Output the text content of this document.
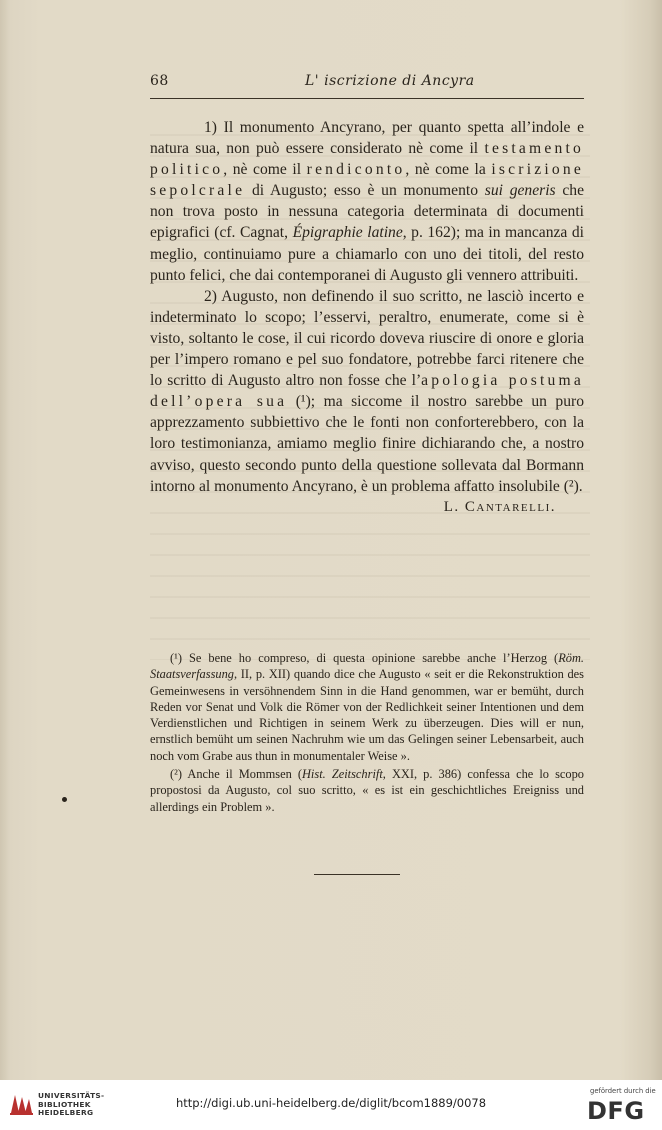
68	L' iscrizione di Ancyra

1) Il monumento Ancyrano, per quanto spetta all’indole e natura sua, non può essere considerato nè come il testamento politico, nè come il rendiconto, nè come la iscrizione sepolcrale di Augusto; esso è un monumento sui generis che non trova posto in nessuna categoria determinata di documenti epigrafici (cf. Cagnat, Épigraphie latine, p. 162); ma in mancanza di meglio, continuiamo pure a chiamarlo con uno dei titoli, del resto punto felici, che dai contemporanei di Augusto gli vennero attribuiti.

2) Augusto, non definendo il suo scritto, ne lasciò incerto e indeterminato lo scopo; l’esservi, peraltro, enumerate, come si è visto, soltanto le cose, il cui ricordo doveva riuscire di onore e gloria per l’impero romano e pel suo fondatore, potrebbe farci ritenere che lo scritto di Augusto altro non fosse che l’apologia postuma dell’opera sua (¹); ma siccome il nostro sarebbe un puro apprezzamento subbiettivo che le fonti non conforterebbero, con la loro testimonianza, amiamo meglio finire dichiarando che, a nostro avviso, questo secondo punto della questione sollevata dal Bormann intorno al monumento Ancyrano, è un problema affatto insolubile (²).

L. Cantarelli.

(¹) Se bene ho compreso, di questa opinione sarebbe anche l’Herzog (Röm. Staatsverfassung, II, p. XII) quando dice che Augusto « seit er die Rekonstruktion des Gemeinwesens in versöhnendem Sinn in die Hand genommen, war er bemüht, durch Reden vor Senat und Volk die Römer von der Redlichkeit seiner Intentionen und dem Verdienstlichen und Richtigen in seinem Werk zu überzeugen. Dies will er nun, ernstlich bemüht um seinen Nachruhm wie um das Gelingen seiner Lebensarbeit, auch noch vom Grabe aus thun in monumentaler Weise ».

(²) Anche il Mommsen (Hist. Zeitschrift, XXI, p. 386) confessa che lo scopo propostosi da Augusto, col suo scritto, « es ist ein geschichtliches Ereigniss und allerdings ein Problem ».

UNIVERSITÄTS-
BIBLIOTHEK
HEIDELBERG
http://digi.ub.uni-heidelberg.de/diglit/bcom1889/0078
gefördert durch die
DFG
